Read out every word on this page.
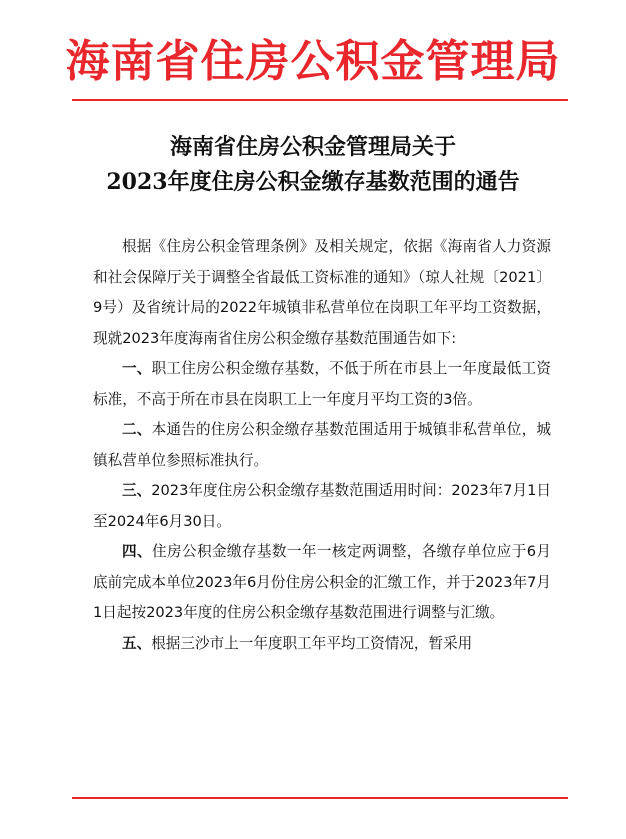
海南省住房公积金管理局
海南省住房公积金管理局关于
2023年度住房公积金缴存基数范围的通告

根据《住房公积金管理条例》及相关规定，依据《海南省人力资源和社会保障厅关于调整全省最低工资标准的通知》（琼人社规〔2021〕9号）及省统计局的2022年城镇非私营单位在岗职工年平均工资数据，现就2023年度海南省住房公积金缴存基数范围通告如下:

一、职工住房公积金缴存基数，不低于所在市县上一年度最低工资标准，不高于所在市县在岗职工上一年度月平均工资的3倍。

二、本通告的住房公积金缴存基数范围适用于城镇非私营单位，城镇私营单位参照标准执行。

三、2023年度住房公积金缴存基数范围适用时间：2023年7月1日至2024年6月30日。

四、住房公积金缴存基数一年一核定两调整，各缴存单位应于6月底前完成本单位2023年6月份住房公积金的汇缴工作，并于2023年7月1日起按2023年度的住房公积金缴存基数范围进行调整与汇缴。

五、根据三沙市上一年度职工年平均工资情况，暂采用
